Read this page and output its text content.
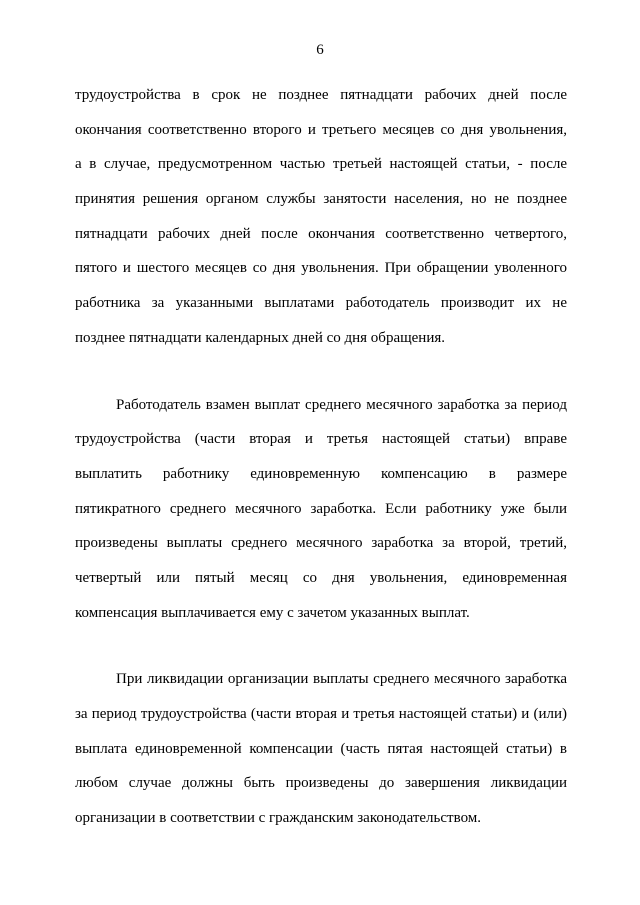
6

трудоустройства в срок не позднее пятнадцати рабочих дней после
окончания соответственно второго и третьего месяцев со дня увольнения,
а в случае, предусмотренном частью третьей настоящей статьи, - после
принятия решения органом службы занятости населения, но не позднее
пятнадцати рабочих дней после окончания соответственно четвертого,
пятого и шестого месяцев со дня увольнения. При обращении уволенного
работника за указанными выплатами работодатель производит их не
позднее пятнадцати календарных дней со дня обращения.

Работодатель взамен выплат среднего месячного заработка за период
трудоустройства (части вторая и третья настоящей статьи) вправе
выплатить работнику единовременную компенсацию в размере
пятикратного среднего месячного заработка. Если работнику уже были
произведены выплаты среднего месячного заработка за второй, третий,
четвертый или пятый месяц со дня увольнения, единовременная
компенсация выплачивается ему с зачетом указанных выплат.

При ликвидации организации выплаты среднего месячного заработка
за период трудоустройства (части вторая и третья настоящей статьи) и (или)
выплата единовременной компенсации (часть пятая настоящей статьи) в
любом случае должны быть произведены до завершения ликвидации
организации в соответствии с гражданским законодательством.
